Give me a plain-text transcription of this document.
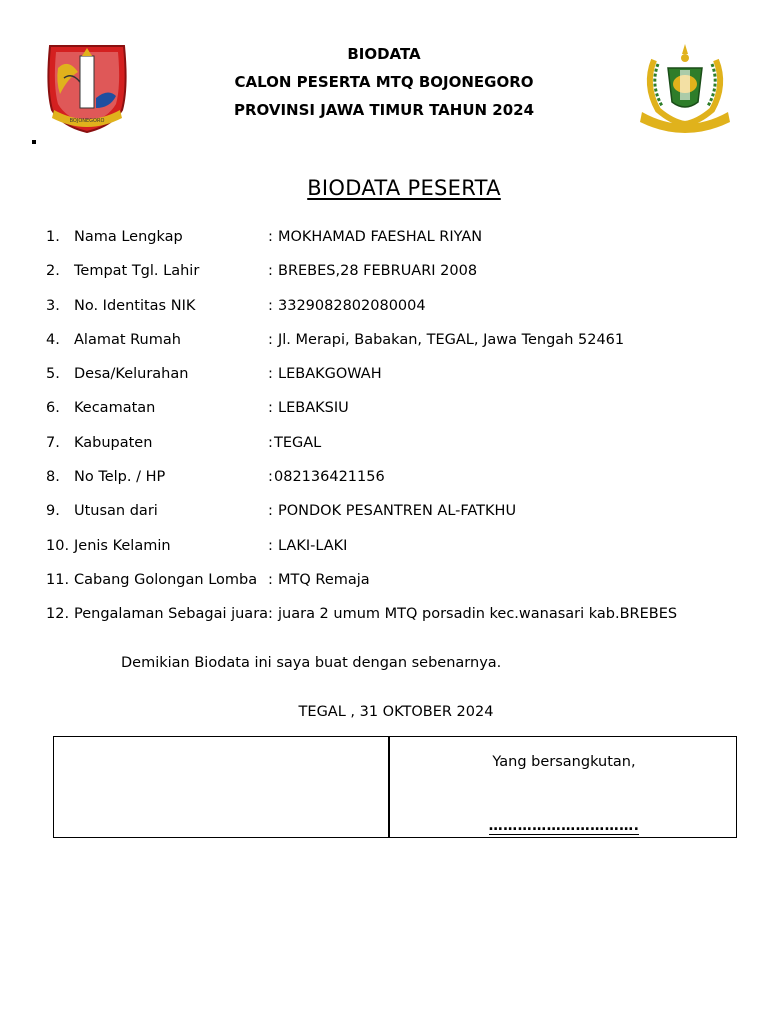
BOJONEGORO
BIODATA
CALON PESERTA MTQ BOJONEGORO
PROVINSI JAWA TIMUR TAHUN 2024
BIODATA PESERTA
1. Nama Lengkap	: MOKHAMAD FAESHAL RIYAN
2. Tempat Tgl. Lahir	: BREBES,28 FEBRUARI 2008
3. No. Identitas NIK	: 3329082802080004
4. Alamat Rumah	: Jl. Merapi, Babakan, TEGAL, Jawa Tengah 52461
5. Desa/Kelurahan	: LEBAKGOWAH
6. Kecamatan	: LEBAKSIU
7. Kabupaten	: TEGAL
8. No Telp. / HP	: 082136421156
9. Utusan dari	: PONDOK PESANTREN AL-FATKHU
10. Jenis Kelamin	: LAKI-LAKI
11. Cabang Golongan Lomba : MTQ Remaja
12. Pengalaman Sebagai juara : juara 2 umum MTQ porsadin kec.wanasari kab.BREBES
Demikian Biodata ini saya buat dengan sebenarnya.
TEGAL , 31 OKTOBER 2024
Yang bersangkutan,
………………………….
